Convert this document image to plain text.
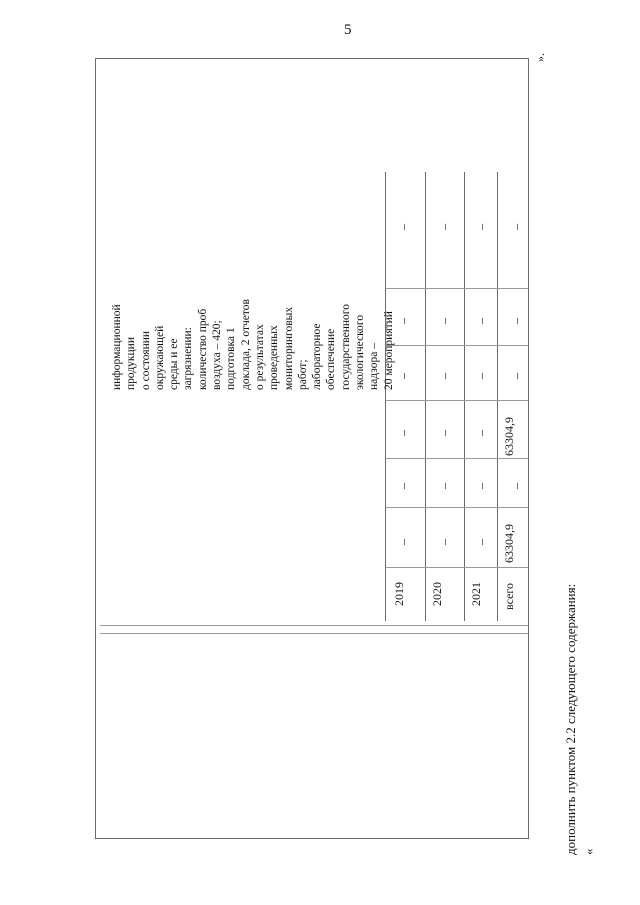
5
».
информационной продукции о состоянии окружающей среды и ее загрязнении: количество проб воздуха – 420; подготовка 1 доклада, 2 отчетов о результатах проведенных мониторинговых работ; лабораторное обеспечение государственного экологического надзора – 20 мероприятий
2019
–
–
–
–
–
–
2020
–
–
–
–
–
–
2021
–
–
–
–
–
–
всего
63304,9
–
63304,9
–
–
–
дополнить пунктом 2.2 следующего содержания: «
